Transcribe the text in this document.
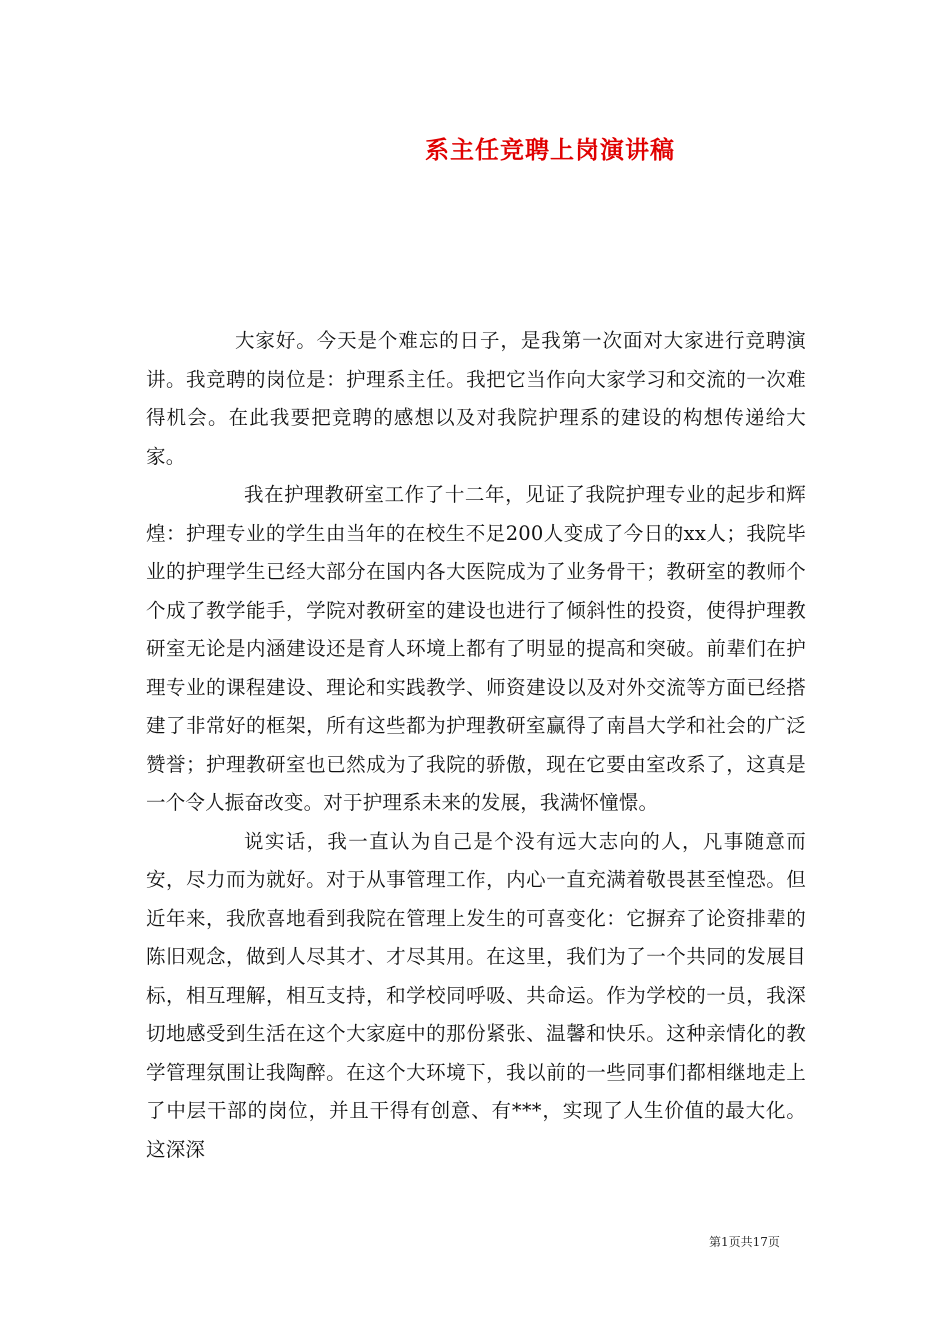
系主任竞聘上岗演讲稿

大家好。今天是个难忘的日子，是我第一次面对大家进行竞聘演讲。我竞聘的岗位是：护理系主任。我把它当作向大家学习和交流的一次难得机会。在此我要把竞聘的感想以及对我院护理系的建设的构想传递给大家。

我在护理教研室工作了十二年，见证了我院护理专业的起步和辉煌：护理专业的学生由当年的在校生不足200人变成了今日的xx人；我院毕业的护理学生已经大部分在国内各大医院成为了业务骨干；教研室的教师个个成了教学能手，学院对教研室的建设也进行了倾斜性的投资，使得护理教研室无论是内涵建设还是育人环境上都有了明显的提高和突破。前辈们在护理专业的课程建设、理论和实践教学、师资建设以及对外交流等方面已经搭建了非常好的框架，所有这些都为护理教研室赢得了南昌大学和社会的广泛赞誉；护理教研室也已然成为了我院的骄傲，现在它要由室改系了，这真是一个令人振奋改变。对于护理系未来的发展，我满怀憧憬。

说实话，我一直认为自己是个没有远大志向的人，凡事随意而安，尽力而为就好。对于从事管理工作，内心一直充满着敬畏甚至惶恐。但近年来，我欣喜地看到我院在管理上发生的可喜变化：它摒弃了论资排辈的陈旧观念，做到人尽其才、才尽其用。在这里，我们为了一个共同的发展目标，相互理解，相互支持，和学校同呼吸、共命运。作为学校的一员，我深切地感受到生活在这个大家庭中的那份紧张、温馨和快乐。这种亲情化的教学管理氛围让我陶醉。在这个大环境下，我以前的一些同事们都相继地走上了中层干部的岗位，并且干得有创意、有***，实现了人生价值的最大化。这深深

第1页共17页
